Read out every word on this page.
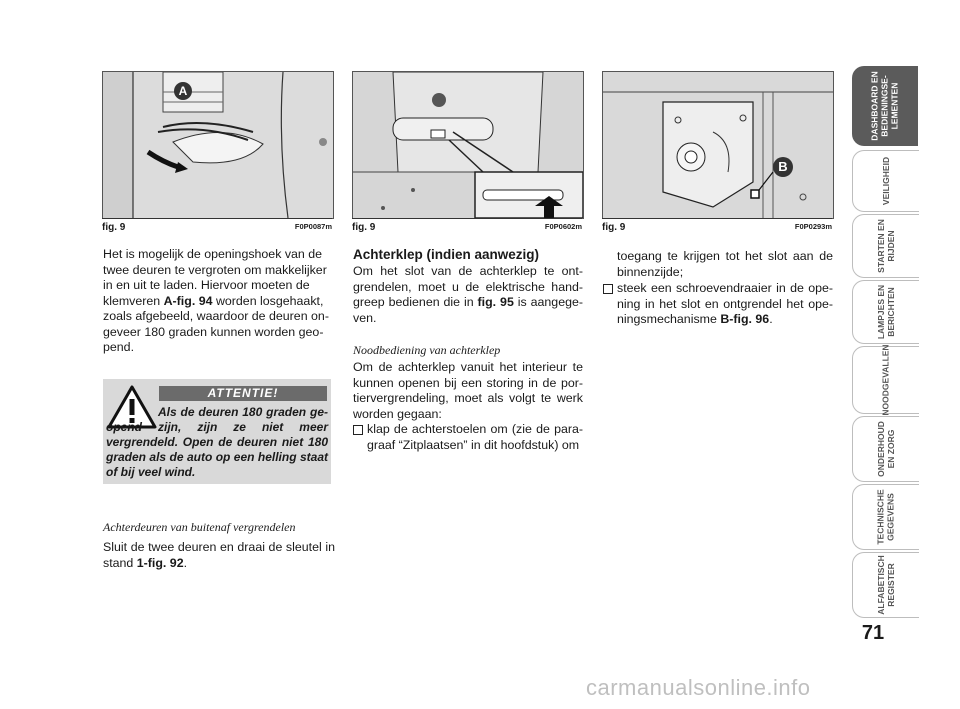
A
fig. 9	F0P0087m fig. 9	F0P0602m
B
fig. 9	F0P0293m
Het is mogelijk de openingshoek van de
twee deuren te vergroten om makkelijker
in en uit te laden. Hiervoor moeten de
klemveren A-fig. 94 worden losgehaakt,
zoals afgebeeld, waardoor de deuren on-
geveer 180 graden kunnen worden geo-
pend.
ATTENTIE!
Als de deuren 180 graden ge-opend zijn, zijn ze niet meer vergrendeld. Open de deuren niet 180 graden als de auto op een helling staat of bij veel wind.
Achterdeuren van buitenaf vergrendelen
Sluit de twee deuren en draai de sleutel in stand 1-fig. 92.
Achterklep (indien aanwezig)
Om het slot van de achterklep te ont-grendelen, moet u de elektrische hand-greep bedienen die in fig. 95 is aangege-ven.
Noodbediening van achterklep
Om de achterklep vanuit het interieur te kunnen openen bij een storing in de por-tiervergrendeling, moet als volgt te werk worden gegaan:
klap de achterstoelen om (zie de para-graaf “Zitplaatsen” in dit hoofdstuk) om
toegang te krijgen tot het slot aan de binnenzijde;
steek een schroevendraaier in de ope-ning in het slot en ontgrendel het ope-ningsmechanisme B-fig. 96.
DASHBOARD EN
BEDIENINGSE-
LEMENTEN
VEILIGHEID
STARTEN EN
RIJDEN
LAMPJES EN
BERICHTEN
NOODGEVALLEN
ONDERHOUD
EN ZORG
TECHNISCHE
GEGEVENS
ALFABETISCH
REGISTER
71
carmanualsonline.info
